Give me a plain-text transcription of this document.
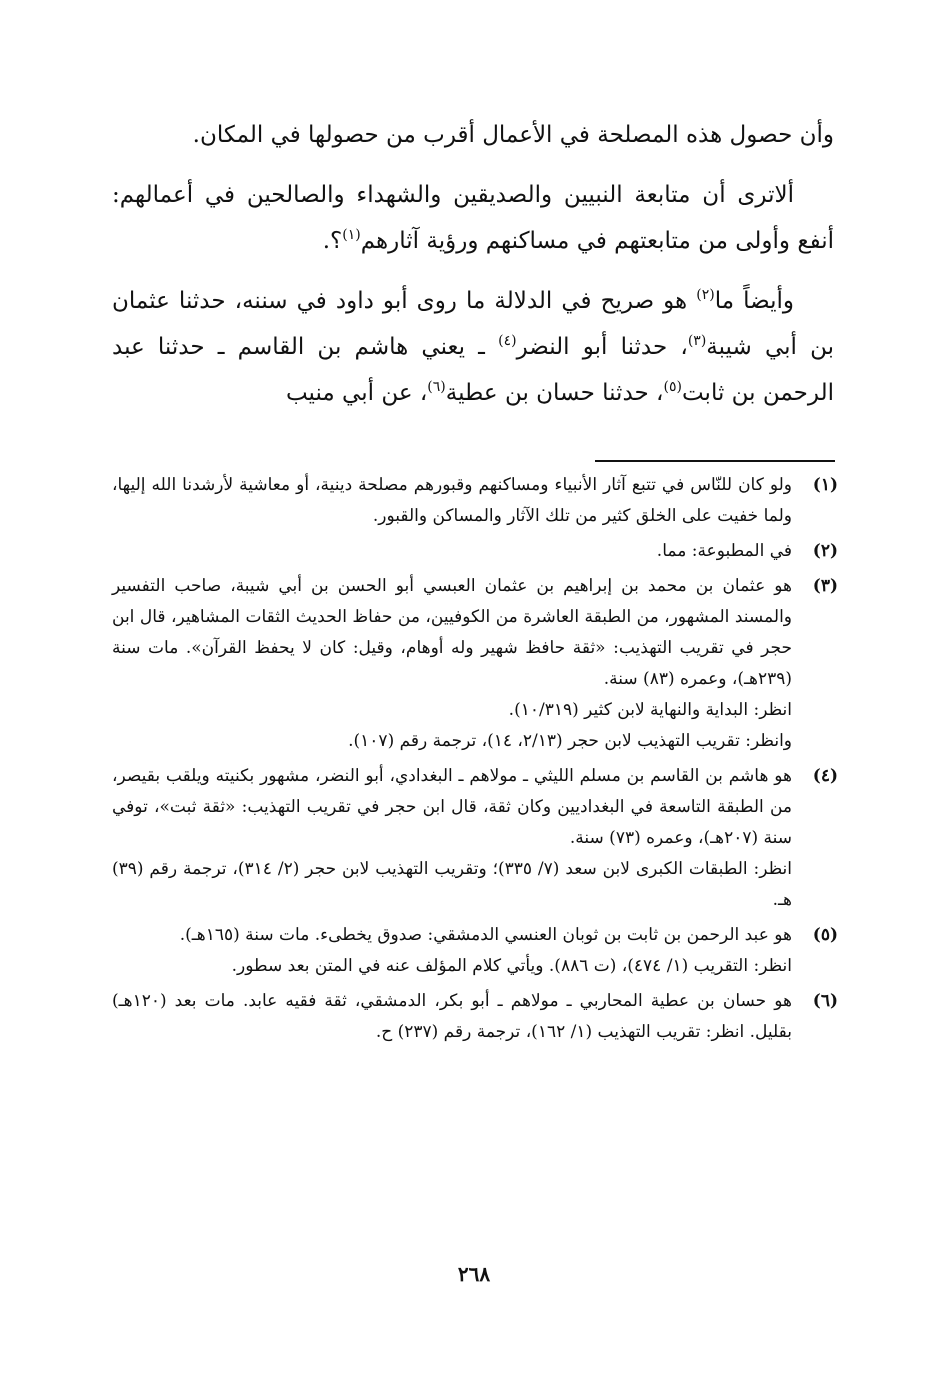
وأن حصول هذه المصلحة في الأعمال أقرب من حصولها في المكان.

ألاترى أن متابعة النبيين والصديقين والشهداء والصالحين في أعمالهم: أنفع وأولى من متابعتهم في مساكنهم ورؤية آثارهم$^{(١)}$؟.

وأيضاً ما$^{(٢)}$ هو صريح في الدلالة ما روى أبو داود في سننه، حدثنا عثمان بن أبي شيبة$^{(٣)}$، حدثنا أبو النضر$^{(٤)}$ ـ يعني هاشم بن القاسم ـ حدثنا عبد الرحمن بن ثابت$^{(٥)}$، حدثنا حسان بن عطية$^{(٦)}$، عن أبي منيب

(١)
ولو كان للنّاس في تتبع آثار الأنبياء ومساكنهم وقبورهم مصلحة دينية، أو معاشية لأرشدنا الله إليها، ولما خفيت على الخلق كثير من تلك الآثار والمساكن والقبور.
(٢)
في المطبوعة: مما.
(٣)
هو عثمان بن محمد بن إبراهيم بن عثمان العبسي أبو الحسن بن أبي شيبة، صاحب التفسير والمسند المشهور، من الطبقة العاشرة من الكوفيين، من حفاظ الحديث الثقات المشاهير، قال ابن حجر في تقريب التهذيب: «ثقة حافظ شهير وله أوهام، وقيل: كان لا يحفظ القرآن». مات سنة (٢٣٩هـ)، وعمره (٨٣) سنة.
انظر: البداية والنهاية لابن كثير (١٠/٣١٩).
وانظر: تقريب التهذيب لابن حجر (٢/١٣، ١٤)، ترجمة رقم (١٠٧).
(٤)
هو هاشم بن القاسم بن مسلم الليثي ـ مولاهم ـ البغدادي، أبو النضر، مشهور بكنيته ويلقب بقيصر، من الطبقة التاسعة في البغداديين وكان ثقة، قال ابن حجر في تقريب التهذيب: «ثقة ثبت»، توفي سنة (٢٠٧هـ)، وعمره (٧٣) سنة.
انظر: الطبقات الكبرى لابن سعد (٧/ ٣٣٥)؛ وتقريب التهذيب لابن حجر (٢/ ٣١٤)، ترجمة رقم (٣٩) هـ.
(٥)
هو عبد الرحمن بن ثابت بن ثوبان العنسي الدمشقي: صدوق يخطىء. مات سنة (١٦٥هـ).
انظر: التقريب (١/ ٤٧٤)، (ت ٨٨٦). ويأتي كلام المؤلف عنه في المتن بعد سطور.
(٦)
هو حسان بن عطية المحاربي ـ مولاهم ـ أبو بكر، الدمشقي، ثقة فقيه عابد. مات بعد (١٢٠هـ) بقليل. انظر: تقريب التهذيب (١/ ١٦٢)، ترجمة رقم (٢٣٧) ح.
٢٦٨
